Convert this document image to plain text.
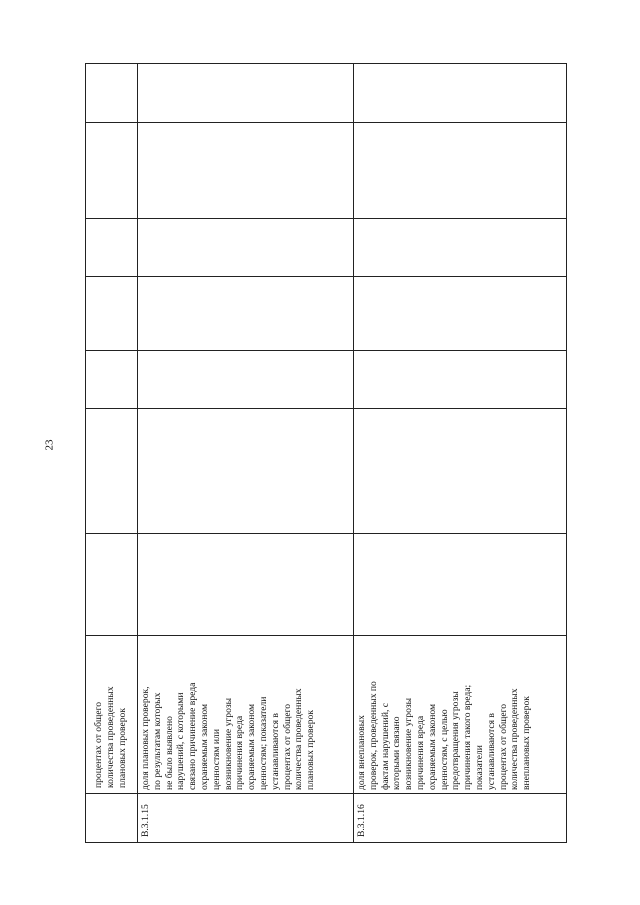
23
процентах от общего
количества проведенных
плановых проверок
В.3.1.15
доля плановых проверок,
по результатам которых
не было выявлено
нарушений, с которыми
связано причинение вреда
охраняемым законом
ценностям или
возникновение угрозы
причинения вреда
охраняемым законом
ценностям; показатели
устанавливаются в
процентах от общего
количества проведенных
плановых проверок
В.3.1.16
доля внеплановых
проверок, проведенных по
фактам нарушений, с
которыми связано
возникновение угрозы
причинения вреда
охраняемым законом
ценностям, с целью
предотвращения угрозы
причинения такого вреда;
показатели
устанавливаются в
процентах от общего
количества проведенных
внеплановых проверок
